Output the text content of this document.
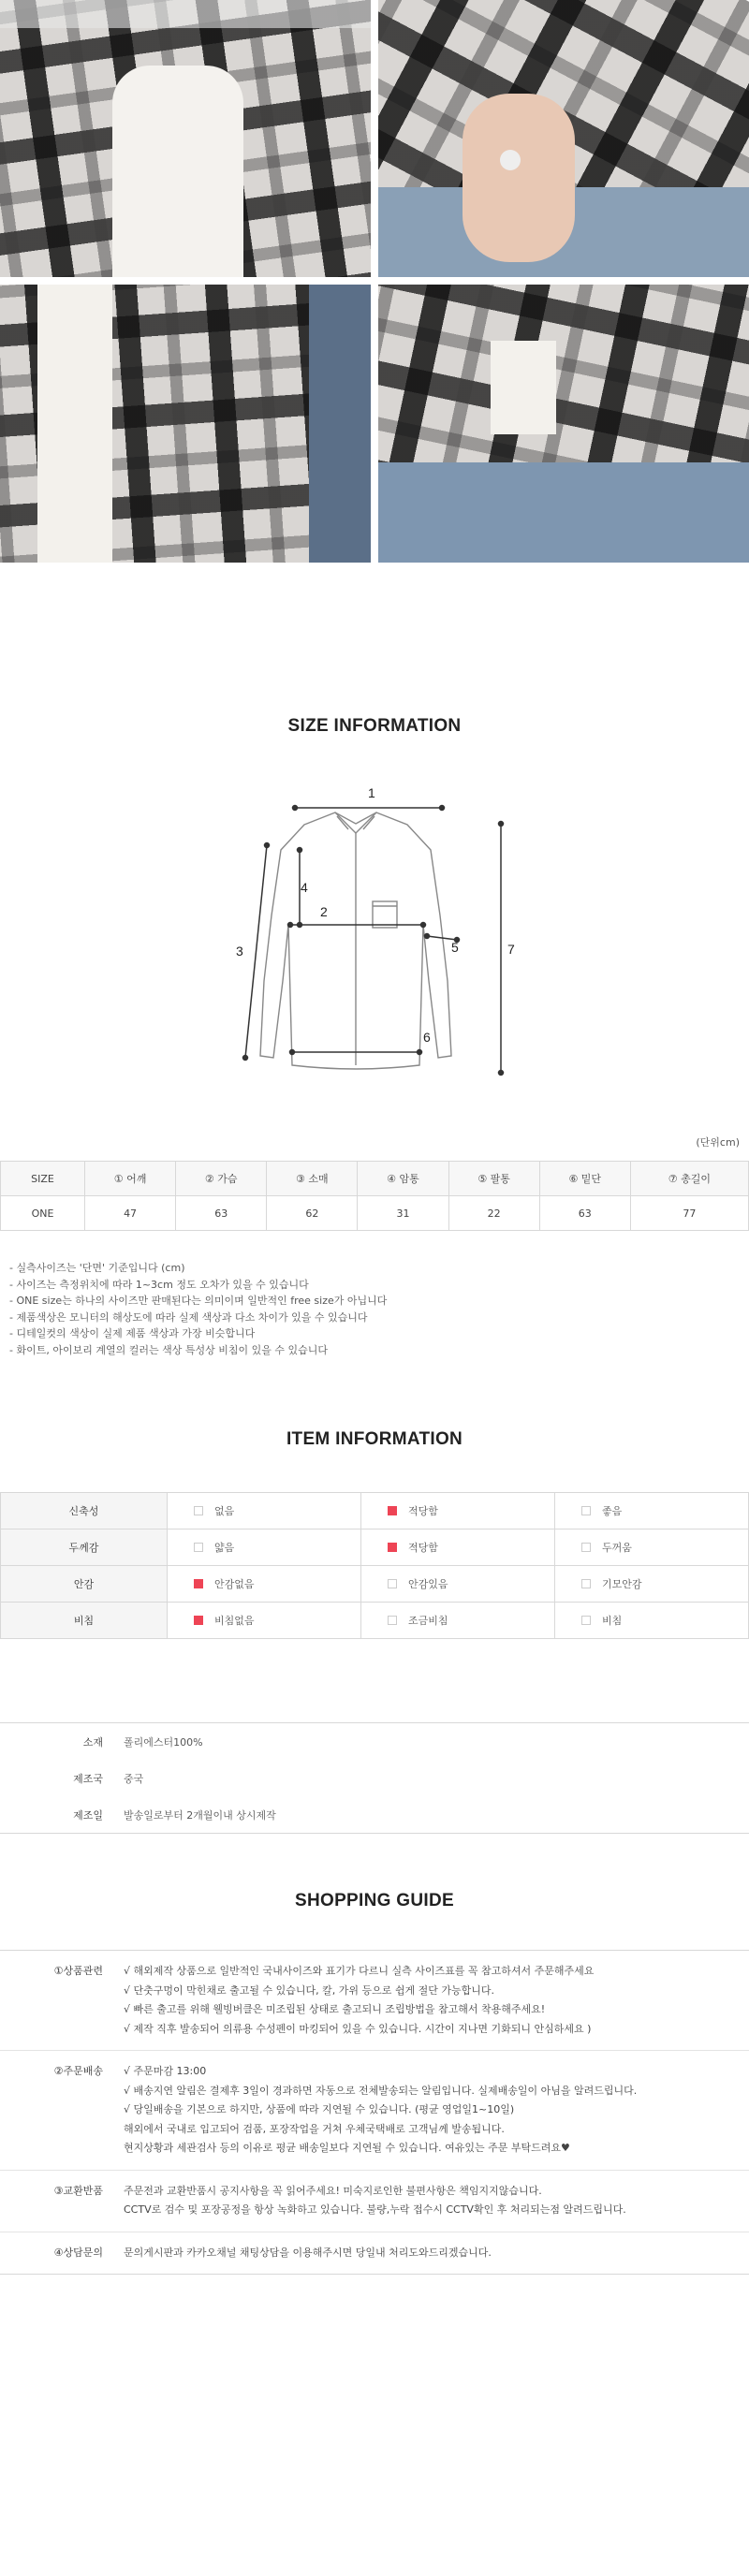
SIZE INFORMATION
1
2
3
4
5
6
7
(단위cm)
SIZE	① 어깨	② 가슴	③ 소매	④ 암통	⑤ 팔통	⑥ 밑단	⑦ 총길이
ONE	47	63	62	31	22	63	77
- 실측사이즈는 '단면' 기준입니다 (cm)
- 사이즈는 측정위치에 따라 1~3cm 정도 오차가 있을 수 있습니다
- ONE size는 하나의 사이즈만 판매된다는 의미이며 일반적인 free size가 아닙니다
- 제품색상은 모니터의 해상도에 따라 실제 색상과 다소 차이가 있을 수 있습니다
- 디테일컷의 색상이 실제 제품 색상과 가장 비슷합니다
- 화이트, 아이보리 계열의 컬러는 색상 특성상 비침이 있을 수 있습니다
ITEM INFORMATION
신축성	없음	적당함	좋음
두께감	얇음	적당함	두꺼움
안감	안감없음	안감있음	기모안감
비침	비침없음	조금비침	비침
소재	폴리에스터100%
제조국	중국
제조일	발송일로부터 2개월이내 상시제작
SHOPPING GUIDE
①상품관련 √ 해외제작 상품으로 일반적인 국내사이즈와 표기가 다르니 실측 사이즈표를 꼭 참고하셔서 주문해주세요
√ 단춧구멍이 막힌채로 출고될 수 있습니다, 칼, 가위 등으로 쉽게 절단 가능합니다.
√ 빠른 출고를 위해 웰빙버클은 미조립된 상태로 출고되니 조립방법을 참고해서 착용해주세요!
√ 제작 직후 발송되어 의류용 수성펜이 마킹되어 있을 수 있습니다. 시간이 지나면 기화되니 안심하세요 )
②주문배송 √ 주문마감 13:00
√ 배송지연 알림은 결제후 3일이 경과하면 자동으로 전체발송되는 알림입니다. 실제배송일이 아님을 알려드립니다.
√ 당일배송을 기본으로 하지만, 상품에 따라 지연될 수 있습니다. (평균 영업일1~10일)
해외에서 국내로 입고되어 검품, 포장작업을 거쳐 우체국택배로 고객님께 발송됩니다.
현지상황과 세관검사 등의 이유로 평균 배송일보다 지연될 수 있습니다. 여유있는 주문 부탁드려요♥
③교환반품 주문전과 교환반품시 공지사항을 꼭 읽어주세요! 미숙지로인한 불편사항은 책임지지않습니다.
CCTV로 검수 및 포장공정을 항상 녹화하고 있습니다. 불량,누락 접수시 CCTV확인 후 처리되는점 알려드립니다.
④상담문의 문의게시판과 카카오채널 채팅상담을 이용해주시면 당일내 처리도와드리겠습니다.
